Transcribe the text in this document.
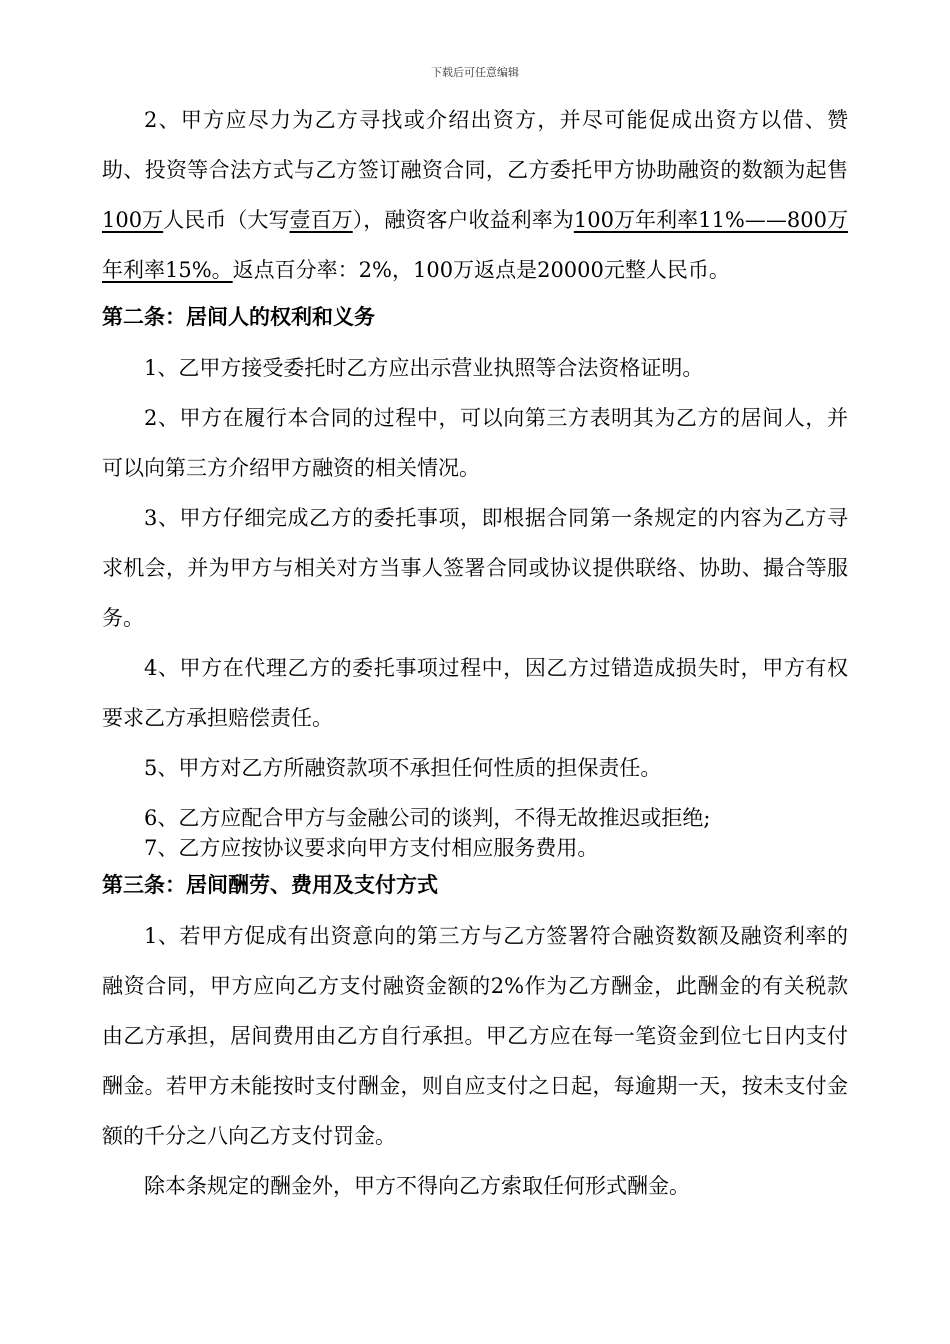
下载后可任意编辑

2、甲方应尽力为乙方寻找或介绍出资方，并尽可能促成出资方以借、赞助、投资等合法方式与乙方签订融资合同，乙方委托甲方协助融资的数额为起售100万人民币（大写壹百万），融资客户收益利率为100万年利率11%——800万年利率15%。返点百分率：2%，100万返点是20000元整人民币。

第二条：居间人的权利和义务

1、乙甲方接受委托时乙方应出示营业执照等合法资格证明。

2、甲方在履行本合同的过程中，可以向第三方表明其为乙方的居间人，并可以向第三方介绍甲方融资的相关情况。

3、甲方仔细完成乙方的委托事项，即根据合同第一条规定的内容为乙方寻求机会，并为甲方与相关对方当事人签署合同或协议提供联络、协助、撮合等服务。

4、甲方在代理乙方的委托事项过程中，因乙方过错造成损失时，甲方有权要求乙方承担赔偿责任。

5、甲方对乙方所融资款项不承担任何性质的担保责任。

6、乙方应配合甲方与金融公司的谈判，不得无故推迟或拒绝;

7、乙方应按协议要求向甲方支付相应服务费用。

第三条：居间酬劳、费用及支付方式

1、若甲方促成有出资意向的第三方与乙方签署符合融资数额及融资利率的融资合同，甲方应向乙方支付融资金额的2%作为乙方酬金，此酬金的有关税款由乙方承担，居间费用由乙方自行承担。甲乙方应在每一笔资金到位七日内支付酬金。若甲方未能按时支付酬金，则自应支付之日起，每逾期一天，按未支付金额的千分之八向乙方支付罚金。

除本条规定的酬金外，甲方不得向乙方索取任何形式酬金。
